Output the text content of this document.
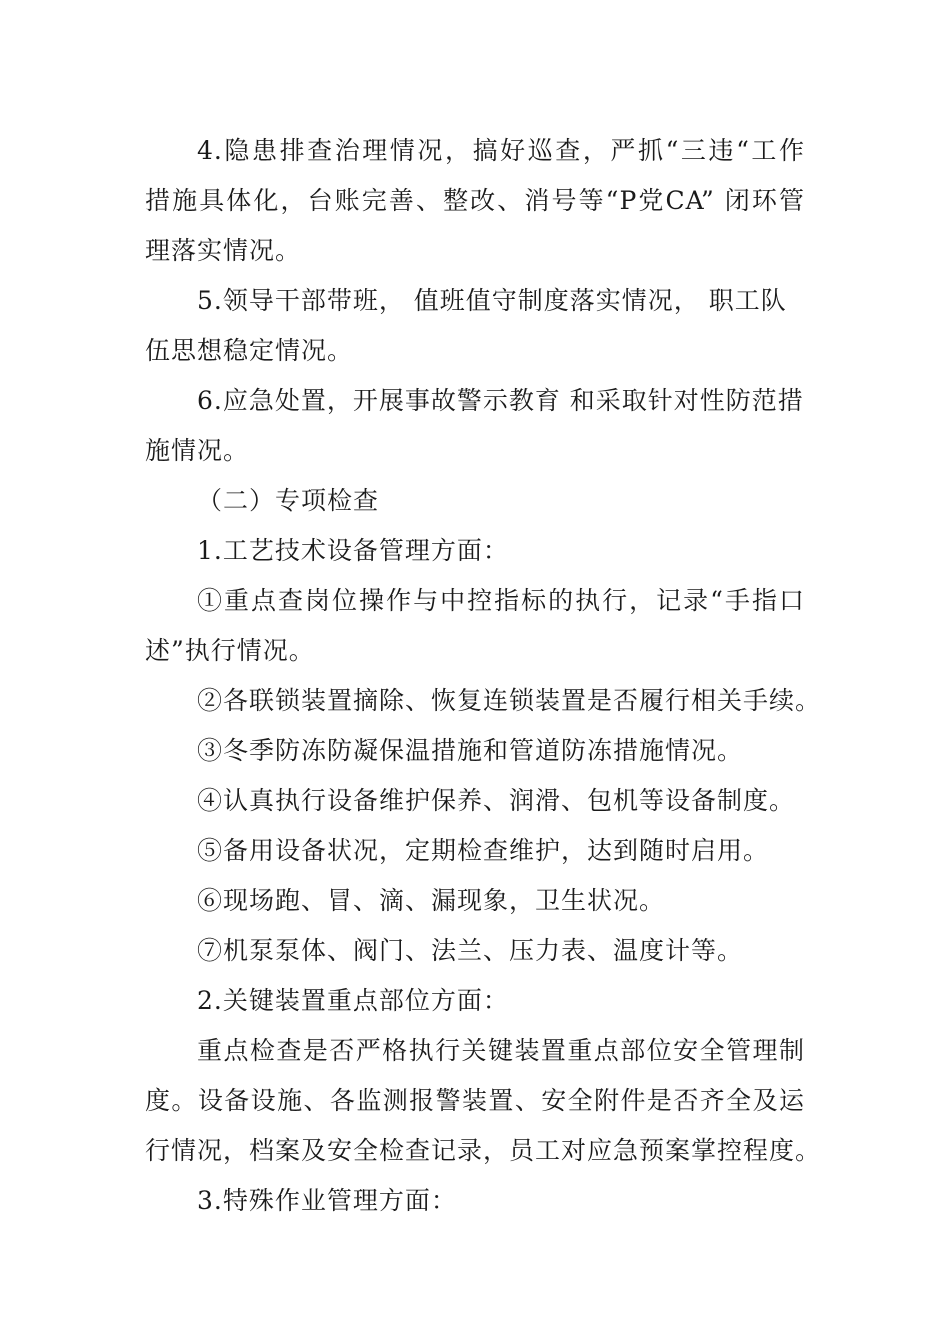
4.隐患排查治理情况，搞好巡查，严抓“三违“工作
措施具体化，台账完善、整改、消号等“P党CA” 闭环管
理落实情况。
5.领导干部带班， 值班值守制度落实情况， 职工队
伍思想稳定情况。
6.应急处置，开展事故警示教育 和采取针对性防范措
施情况。
（二）专项检查
1.工艺技术设备管理方面：
①重点查岗位操作与中控指标的执行，记录“手指口
述”执行情况。
②各联锁装置摘除、恢复连锁装置是否履行相关手续。
③冬季防冻防凝保温措施和管道防冻措施情况。
④认真执行设备维护保养、润滑、包机等设备制度。
⑤备用设备状况，定期检查维护，达到随时启用。
⑥现场跑、冒、滴、漏现象，卫生状况。
⑦机泵泵体、阀门、法兰、压力表、温度计等。
2.关键装置重点部位方面：
重点检查是否严格执行关键装置重点部位安全管理制
度。设备设施、各监测报警装置、安全附件是否齐全及运
行情况，档案及安全检查记录，员工对应急预案掌控程度。
3.特殊作业管理方面：
